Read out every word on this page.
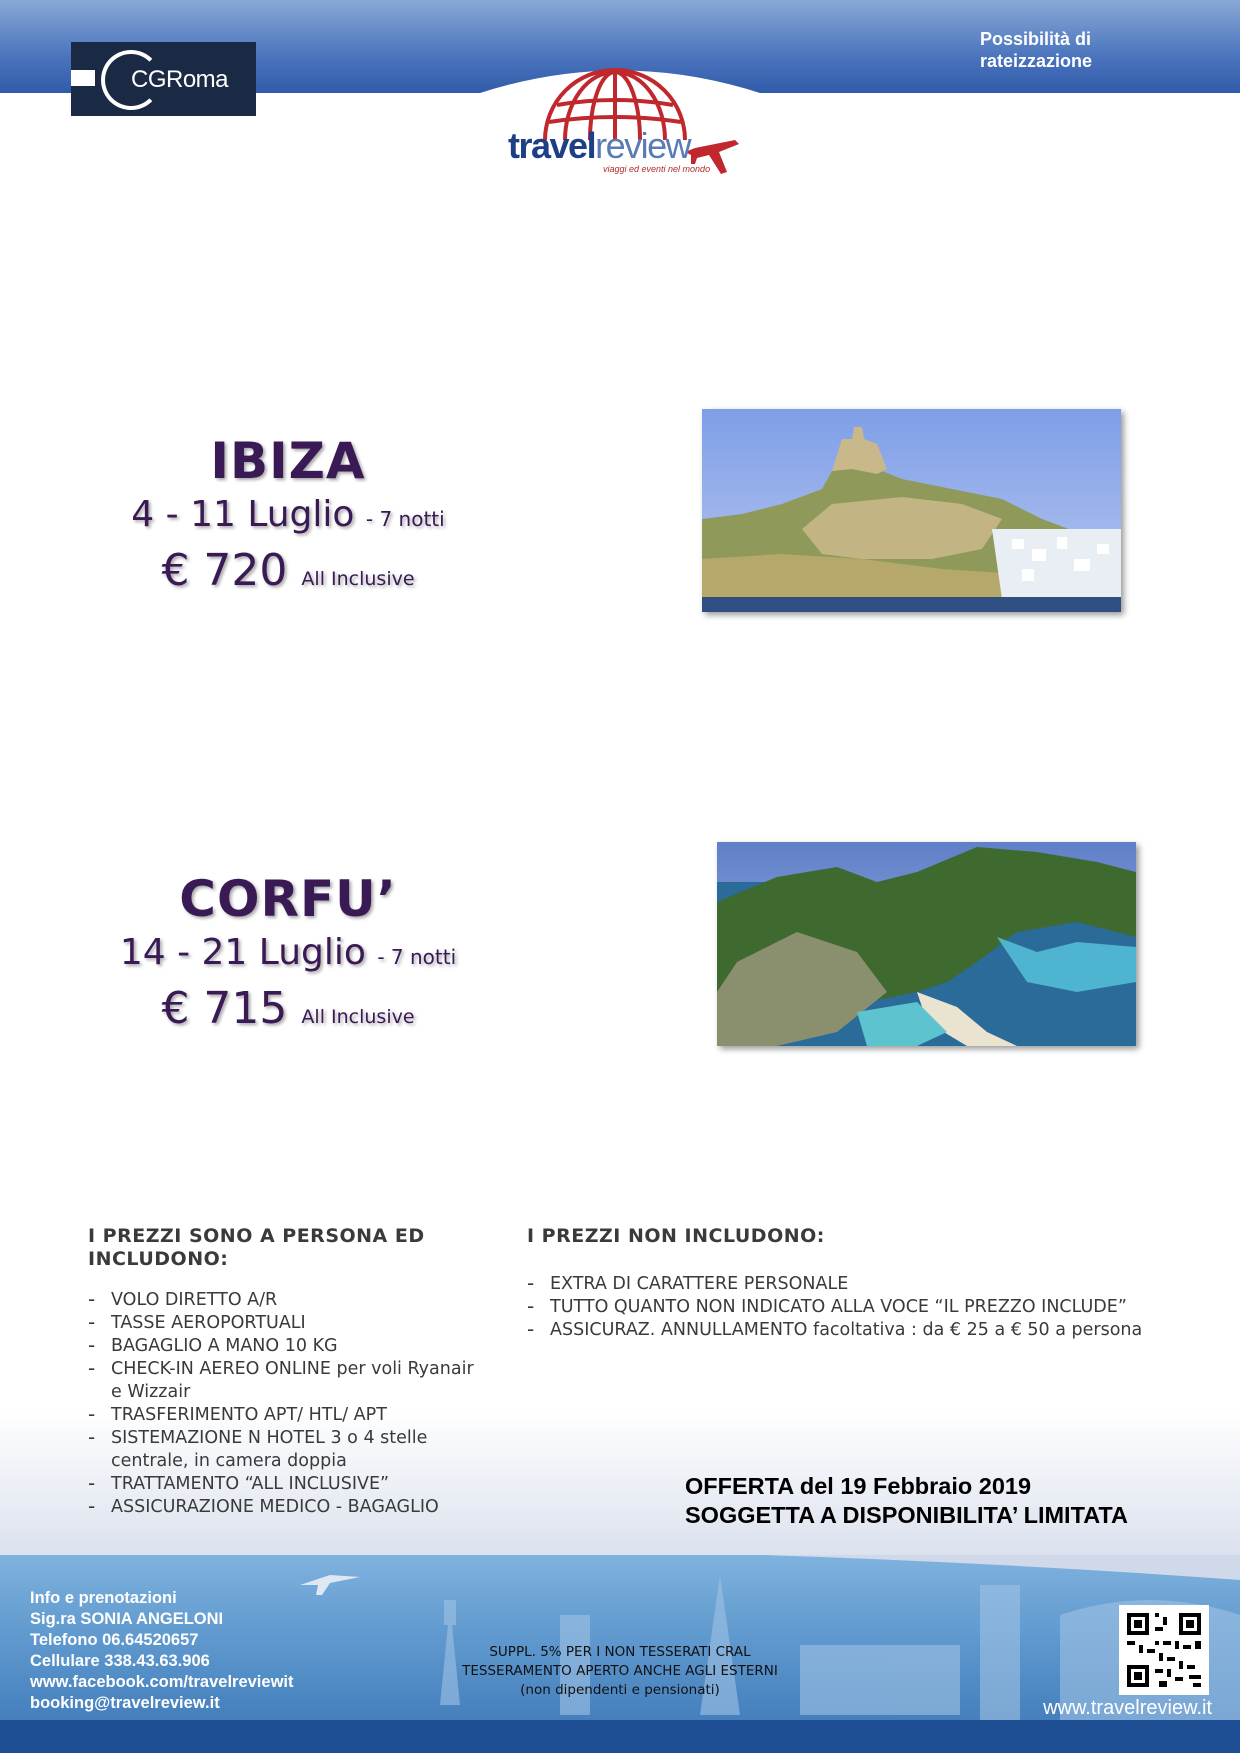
CGRoma
Possibilità di
rateizzazione
travelreview
viaggi ed eventi nel mondo
IBIZA
4 - 11 Luglio - 7 notti
€ 720 All Inclusive
CORFU’
14 - 21 Luglio - 7 notti
€ 715 All Inclusive
I PREZZI SONO A PERSONA ED INCLUDONO:
- VOLO DIRETTO A/R
- TASSE AEROPORTUALI
- BAGAGLIO A MANO 10 KG
- CHECK-IN AEREO ONLINE per voli Ryanair e Wizzair
- TRASFERIMENTO APT/ HTL/ APT
- SISTEMAZIONE N HOTEL 3 o 4 stelle centrale, in camera doppia
- TRATTAMENTO “ALL INCLUSIVE”
- ASSICURAZIONE MEDICO - BAGAGLIO
I PREZZI NON INCLUDONO:
- EXTRA DI CARATTERE PERSONALE
- TUTTO QUANTO NON INDICATO ALLA VOCE “IL PREZZO INCLUDE”
- ASSICURAZ. ANNULLAMENTO facoltativa : da € 25 a € 50 a persona
OFFERTA del 19 Febbraio 2019
SOGGETTA A DISPONIBILITA’ LIMITATA
Info e prenotazioni
Sig.ra SONIA ANGELONI
Telefono 06.64520657
Cellulare 338.43.63.906
www.facebook.com/travelreviewit
booking@travelreview.it
SUPPL. 5% PER I NON TESSERATI CRAL
TESSERAMENTO APERTO ANCHE AGLI ESTERNI
(non dipendenti e pensionati)
www.travelreview.it
